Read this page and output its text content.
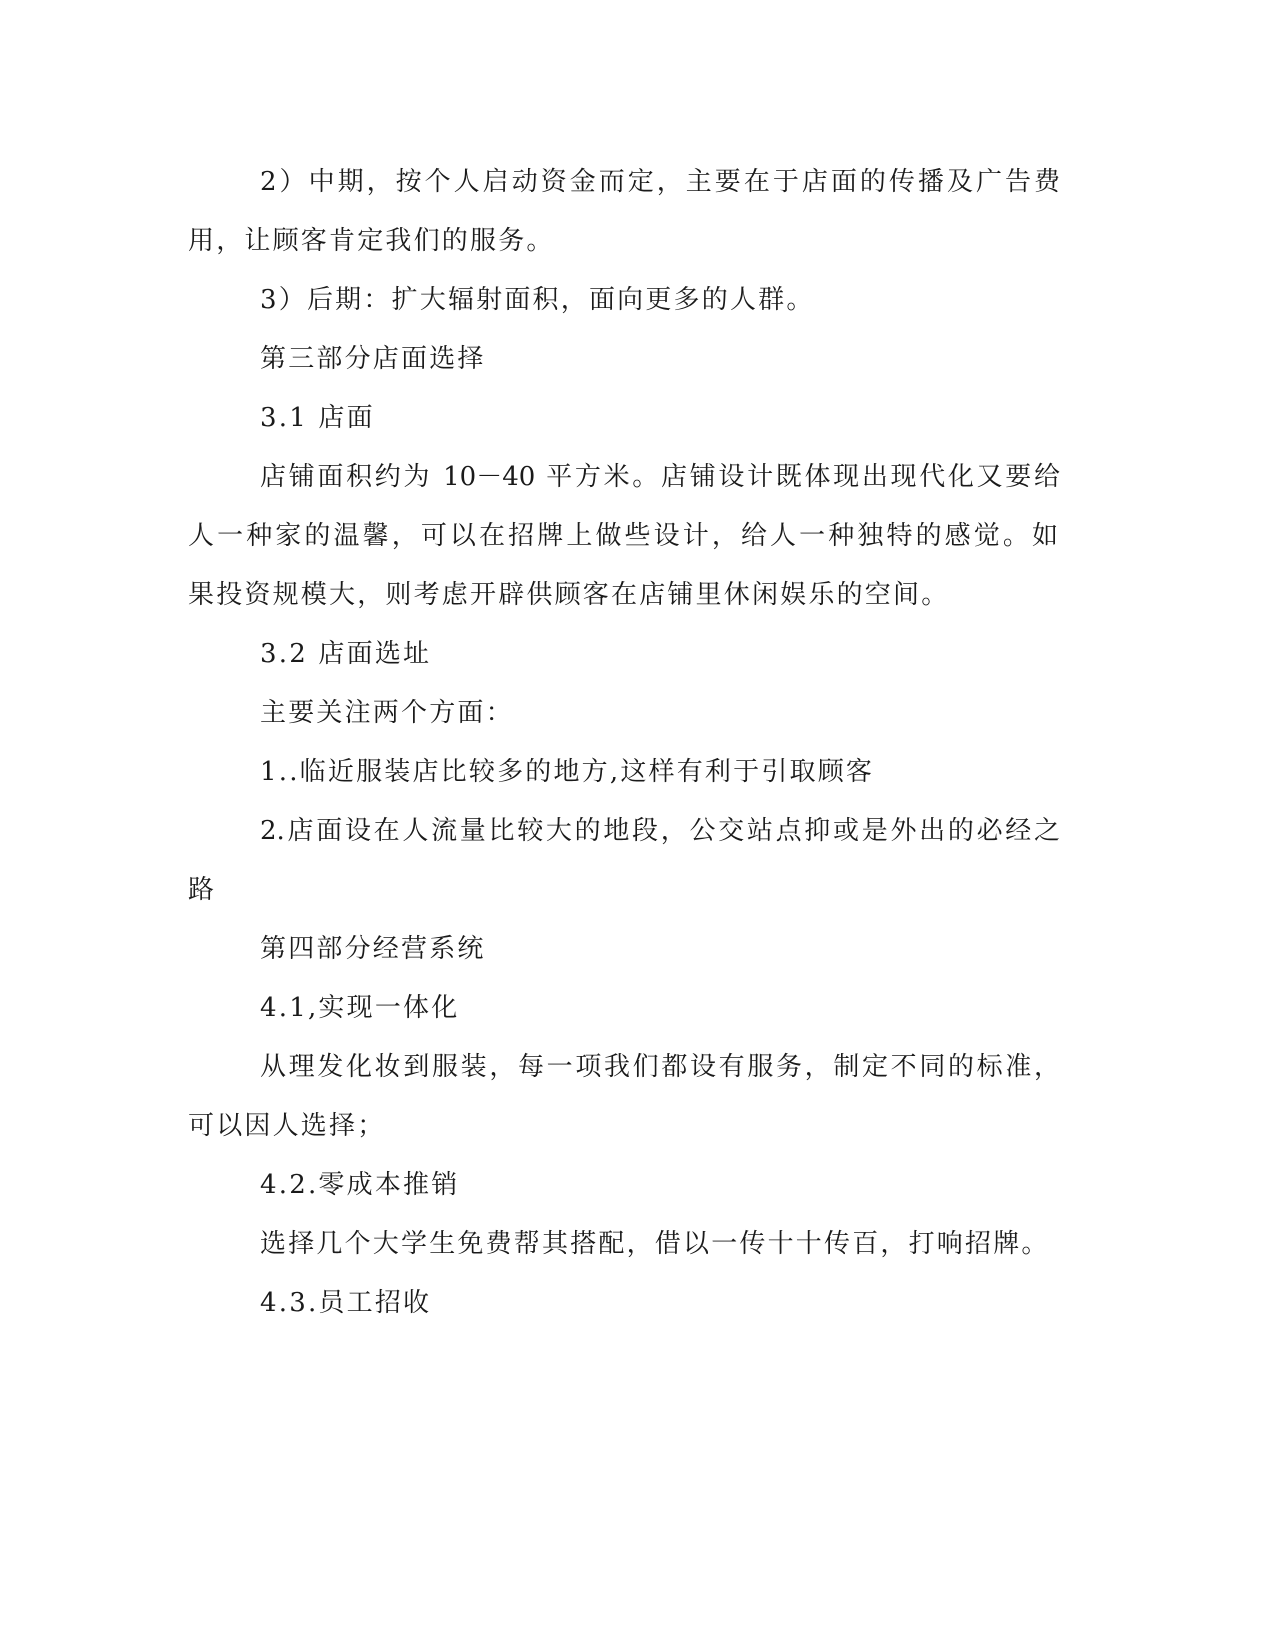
2）中期，按个人启动资金而定，主要在于店面的传播及广告费
用，让顾客肯定我们的服务。
3）后期：扩大辐射面积，面向更多的人群。
第三部分店面选择
3.1 店面
店铺面积约为 10－40 平方米。店铺设计既体现出现代化又要给
人一种家的温馨，可以在招牌上做些设计，给人一种独特的感觉。如
果投资规模大，则考虑开辟供顾客在店铺里休闲娱乐的空间。
3.2 店面选址
主要关注两个方面：
1..临近服装店比较多的地方,这样有利于引取顾客
2.店面设在人流量比较大的地段，公交站点抑或是外出的必经之
路
第四部分经营系统
4.1,实现一体化
从理发化妆到服装，每一项我们都设有服务，制定不同的标准，
可以因人选择；
4.2.零成本推销
选择几个大学生免费帮其搭配，借以一传十十传百，打响招牌。
4.3.员工招收
